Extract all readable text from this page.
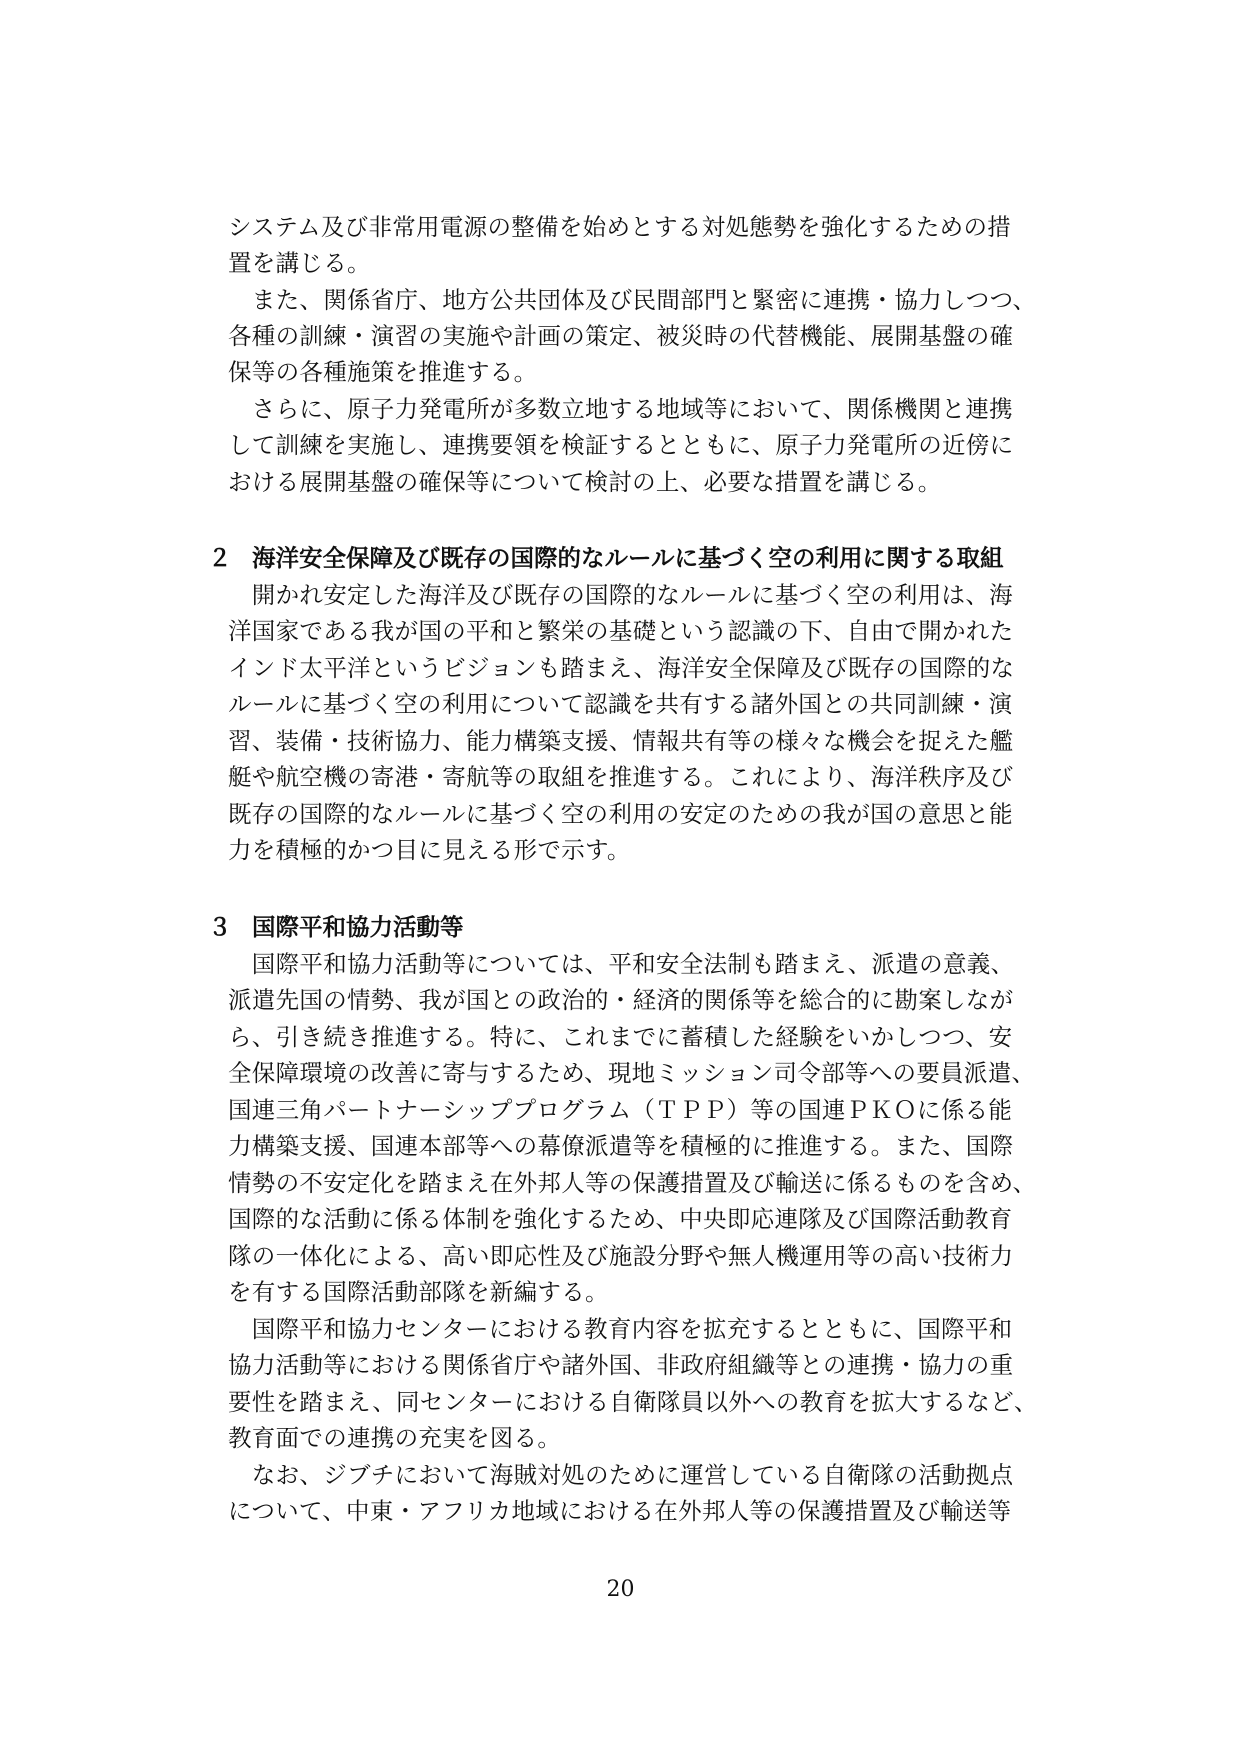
システム及び非常用電源の整備を始めとする対処態勢を強化するための措
置を講じる。
　また、関係省庁、地方公共団体及び民間部門と緊密に連携・協力しつつ、
各種の訓練・演習の実施や計画の策定、被災時の代替機能、展開基盤の確
保等の各種施策を推進する。
　さらに、原子力発電所が多数立地する地域等において、関係機関と連携
して訓練を実施し、連携要領を検証するとともに、原子力発電所の近傍に
おける展開基盤の確保等について検討の上、必要な措置を講じる。
２ 海洋安全保障及び既存の国際的なルールに基づく空の利用に関する取組
　開かれ安定した海洋及び既存の国際的なルールに基づく空の利用は、海
洋国家である我が国の平和と繁栄の基礎という認識の下、自由で開かれた
インド太平洋というビジョンも踏まえ、海洋安全保障及び既存の国際的な
ルールに基づく空の利用について認識を共有する諸外国との共同訓練・演
習、装備・技術協力、能力構築支援、情報共有等の様々な機会を捉えた艦
艇や航空機の寄港・寄航等の取組を推進する。これにより、海洋秩序及び
既存の国際的なルールに基づく空の利用の安定のための我が国の意思と能
力を積極的かつ目に見える形で示す。
３ 国際平和協力活動等
　国際平和協力活動等については、平和安全法制も踏まえ、派遣の意義、
派遣先国の情勢、我が国との政治的・経済的関係等を総合的に勘案しなが
ら、引き続き推進する。特に、これまでに蓄積した経験をいかしつつ、安
全保障環境の改善に寄与するため、現地ミッション司令部等への要員派遣、
国連三角パートナーシッププログラム（ＴＰＰ）等の国連ＰＫＯに係る能
力構築支援、国連本部等への幕僚派遣等を積極的に推進する。また、国際
情勢の不安定化を踏まえ在外邦人等の保護措置及び輸送に係るものを含め、
国際的な活動に係る体制を強化するため、中央即応連隊及び国際活動教育
隊の一体化による、高い即応性及び施設分野や無人機運用等の高い技術力
を有する国際活動部隊を新編する。
　国際平和協力センターにおける教育内容を拡充するとともに、国際平和
協力活動等における関係省庁や諸外国、非政府組織等との連携・協力の重
要性を踏まえ、同センターにおける自衛隊員以外への教育を拡大するなど、
教育面での連携の充実を図る。
　なお、ジブチにおいて海賊対処のために運営している自衛隊の活動拠点
について、中東・アフリカ地域における在外邦人等の保護措置及び輸送等
20
